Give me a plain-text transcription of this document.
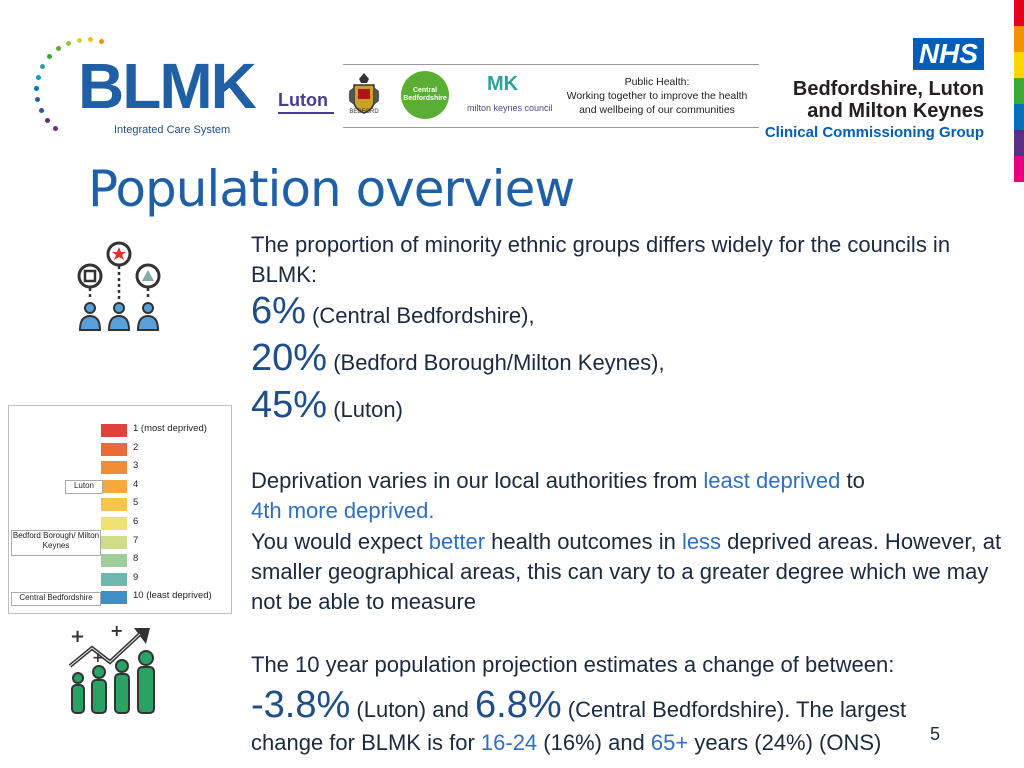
BLMK
Integrated Care System
Luton
BEDFORD
Central Bedfordshire
MK
milton keynes council
Public Health:
Working together to improve the health
and wellbeing of our communities
NHS
Bedfordshire, Luton
and Milton Keynes
Clinical Commissioning Group
Population overview
The proportion of minority ethnic groups differs widely for the councils in BLMK:
6% (Central Bedfordshire),
20% (Bedford Borough/Milton Keynes),
45% (Luton)
1 (most deprived)
2
3
4
5
6
7
8
9
10 (least deprived)
Luton
Bedford Borough/ Milton Keynes
Central Bedfordshire
Deprivation varies in our local authorities from least deprived to
4th more deprived.
You would expect better health outcomes in less deprived areas. However, at smaller geographical areas, this can vary to a greater degree which we may not be able to measure
+ +
+	The 10 year population projection estimates a change of between:
-3.8% (Luton) and 6.8% (Central Bedfordshire). The largest
change for BLMK is for 16-24 (16%) and 65+ years (24%) (ONS)	5
